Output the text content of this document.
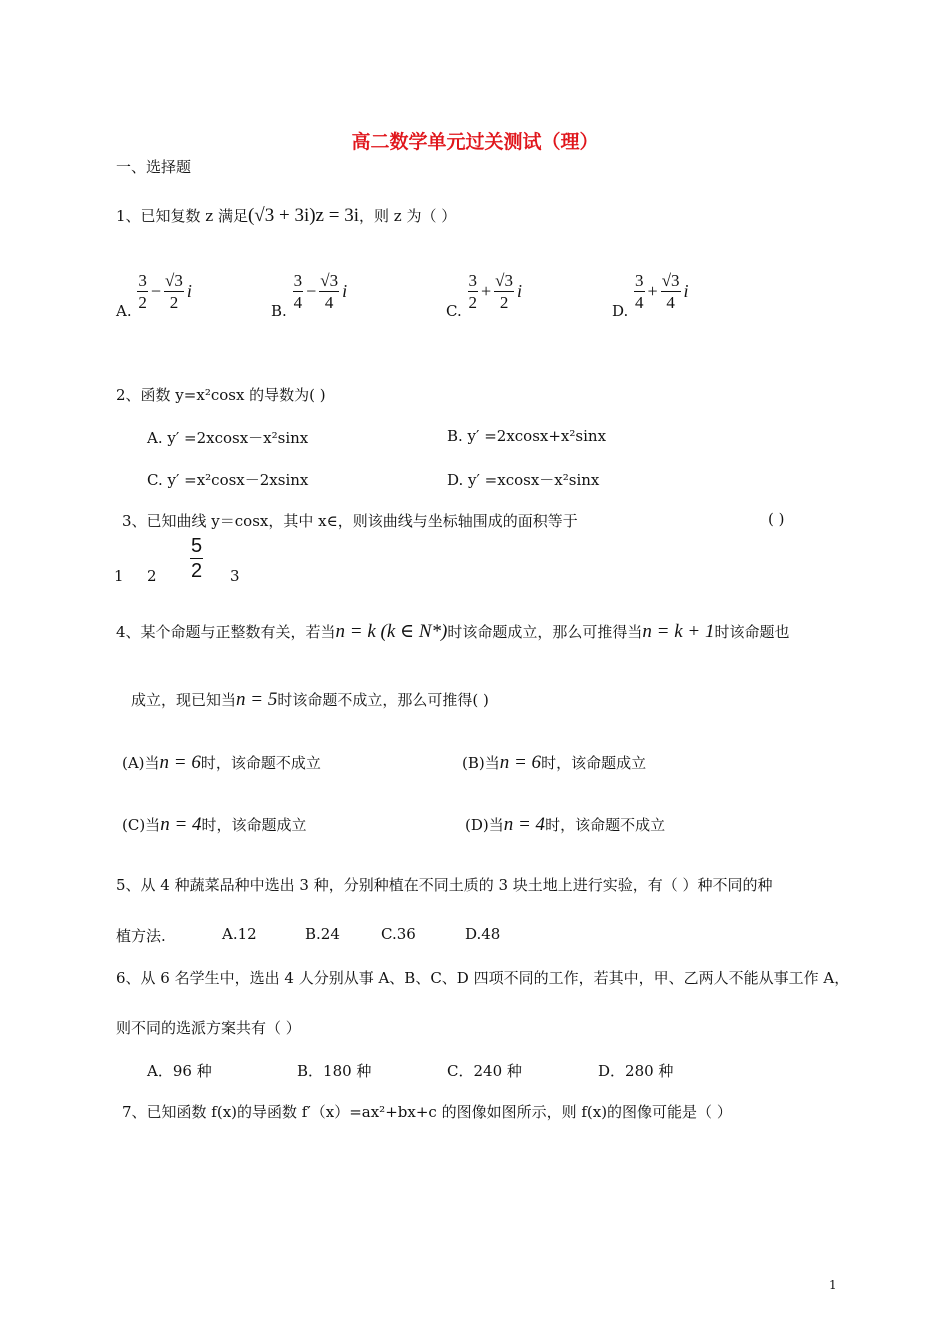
高二数学单元过关测试（理）
一、选择题
1、已知复数 z 满足(√3 + 3i)z = 3i，则 z 为（ ）
A. $\frac{3}{2} - \frac{√3}{2}$ i
B. $\frac{3}{4} - \frac{√3}{4}$ i
C. $\frac{3}{2} + \frac{√3}{2}$ i
D. $\frac{3}{4} + \frac{√3}{4}$ i
2、函数 y=x²cosx 的导数为( )
A. y′ =2xcosx－x²sinx	B. y′ =2xcosx+x²sinx
C. y′ =x²cosx－2xsinx	D. y′ =xcosx－x²sinx
3、已知曲线 y＝cosx，其中 x∈，则该曲线与坐标轴围成的面积等于	( )
1 $2 \frac{5}{2} 3$
4、某个命题与正整数有关，若当n = k (k ∈ N*)时该命题成立，那么可推得当n = k + 1时该命题也
成立，现已知当n = 5时该命题不成立，那么可推得( )
(A)当n = 6时，该命题不成立	(B)当n = 6时，该命题成立
(C)当n = 4时，该命题成立	(D)当n = 4时，该命题不成立
5、从 4 种蔬菜品种中选出 3 种，分别种植在不同土质的 3 块土地上进行实验，有（ ）种不同的种
植方法.	A.12	B.24	C.36	D.48
6、从 6 名学生中，选出 4 人分别从事 A、B、C、D 四项不同的工作，若其中，甲、乙两人不能从事工作 A，
则不同的选派方案共有（ ）
A．96 种	B．180 种	C．240 种	D．280 种
7、已知函数 f(x)的导函数 f′（x）=ax²+bx+c 的图像如图所示，则 f(x)的图像可能是（ ）
1
